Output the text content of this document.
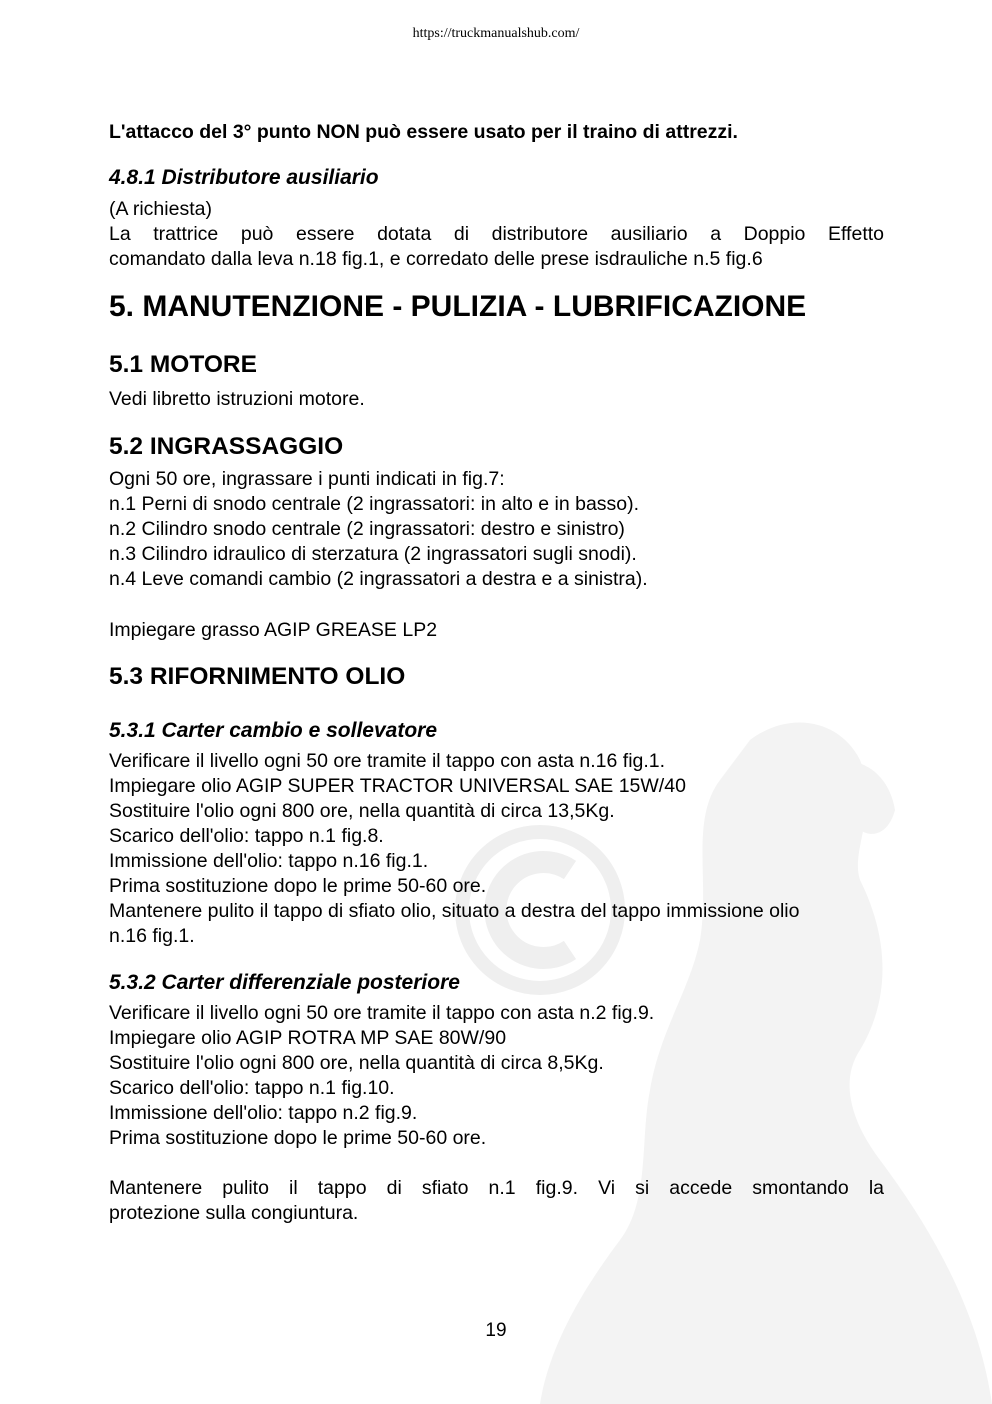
https://truckmanualshub.com/

L'attacco del 3° punto NON può essere usato per il traino di attrezzi.

4.8.1 Distributore ausiliario
(A richiesta)
La trattrice può essere dotata di distributore ausiliario a Doppio Effetto
comandato dalla leva n.18 fig.1, e corredato delle prese isdrauliche n.5 fig.6
5. MANUTENZIONE - PULIZIA - LUBRIFICAZIONE
5.1 MOTORE
Vedi libretto istruzioni motore.
5.2 INGRASSAGGIO
Ogni 50 ore, ingrassare i punti indicati in fig.7:
n.1 Perni di snodo centrale (2 ingrassatori: in alto e in basso).
n.2 Cilindro snodo centrale (2 ingrassatori: destro e sinistro)
n.3 Cilindro idraulico di sterzatura (2 ingrassatori sugli snodi).
n.4 Leve comandi cambio (2 ingrassatori a destra e a sinistra).
Impiegare grasso AGIP GREASE LP2
5.3 RIFORNIMENTO OLIO
5.3.1 Carter cambio e sollevatore
Verificare il livello ogni 50 ore tramite il tappo con asta n.16 fig.1.
Impiegare olio AGIP SUPER TRACTOR UNIVERSAL SAE 15W/40
Sostituire l'olio ogni 800 ore, nella quantità di circa 13,5Kg.
Scarico dell'olio: tappo n.1 fig.8.
Immissione dell'olio: tappo n.16 fig.1.
Prima sostituzione dopo le prime 50-60 ore.
Mantenere pulito il tappo di sfiato olio, situato a destra del tappo immissione olio
n.16 fig.1.
5.3.2 Carter differenziale posteriore
Verificare il livello ogni 50 ore tramite il tappo con asta n.2 fig.9.
Impiegare olio AGIP ROTRA MP SAE 80W/90
Sostituire l'olio ogni 800 ore, nella quantità di circa 8,5Kg.
Scarico dell'olio: tappo n.1 fig.10.
Immissione dell'olio: tappo n.2 fig.9.
Prima sostituzione dopo le prime 50-60 ore.
Mantenere pulito il tappo di sfiato n.1 fig.9. Vi si accede smontando la
protezione sulla congiuntura.
19
